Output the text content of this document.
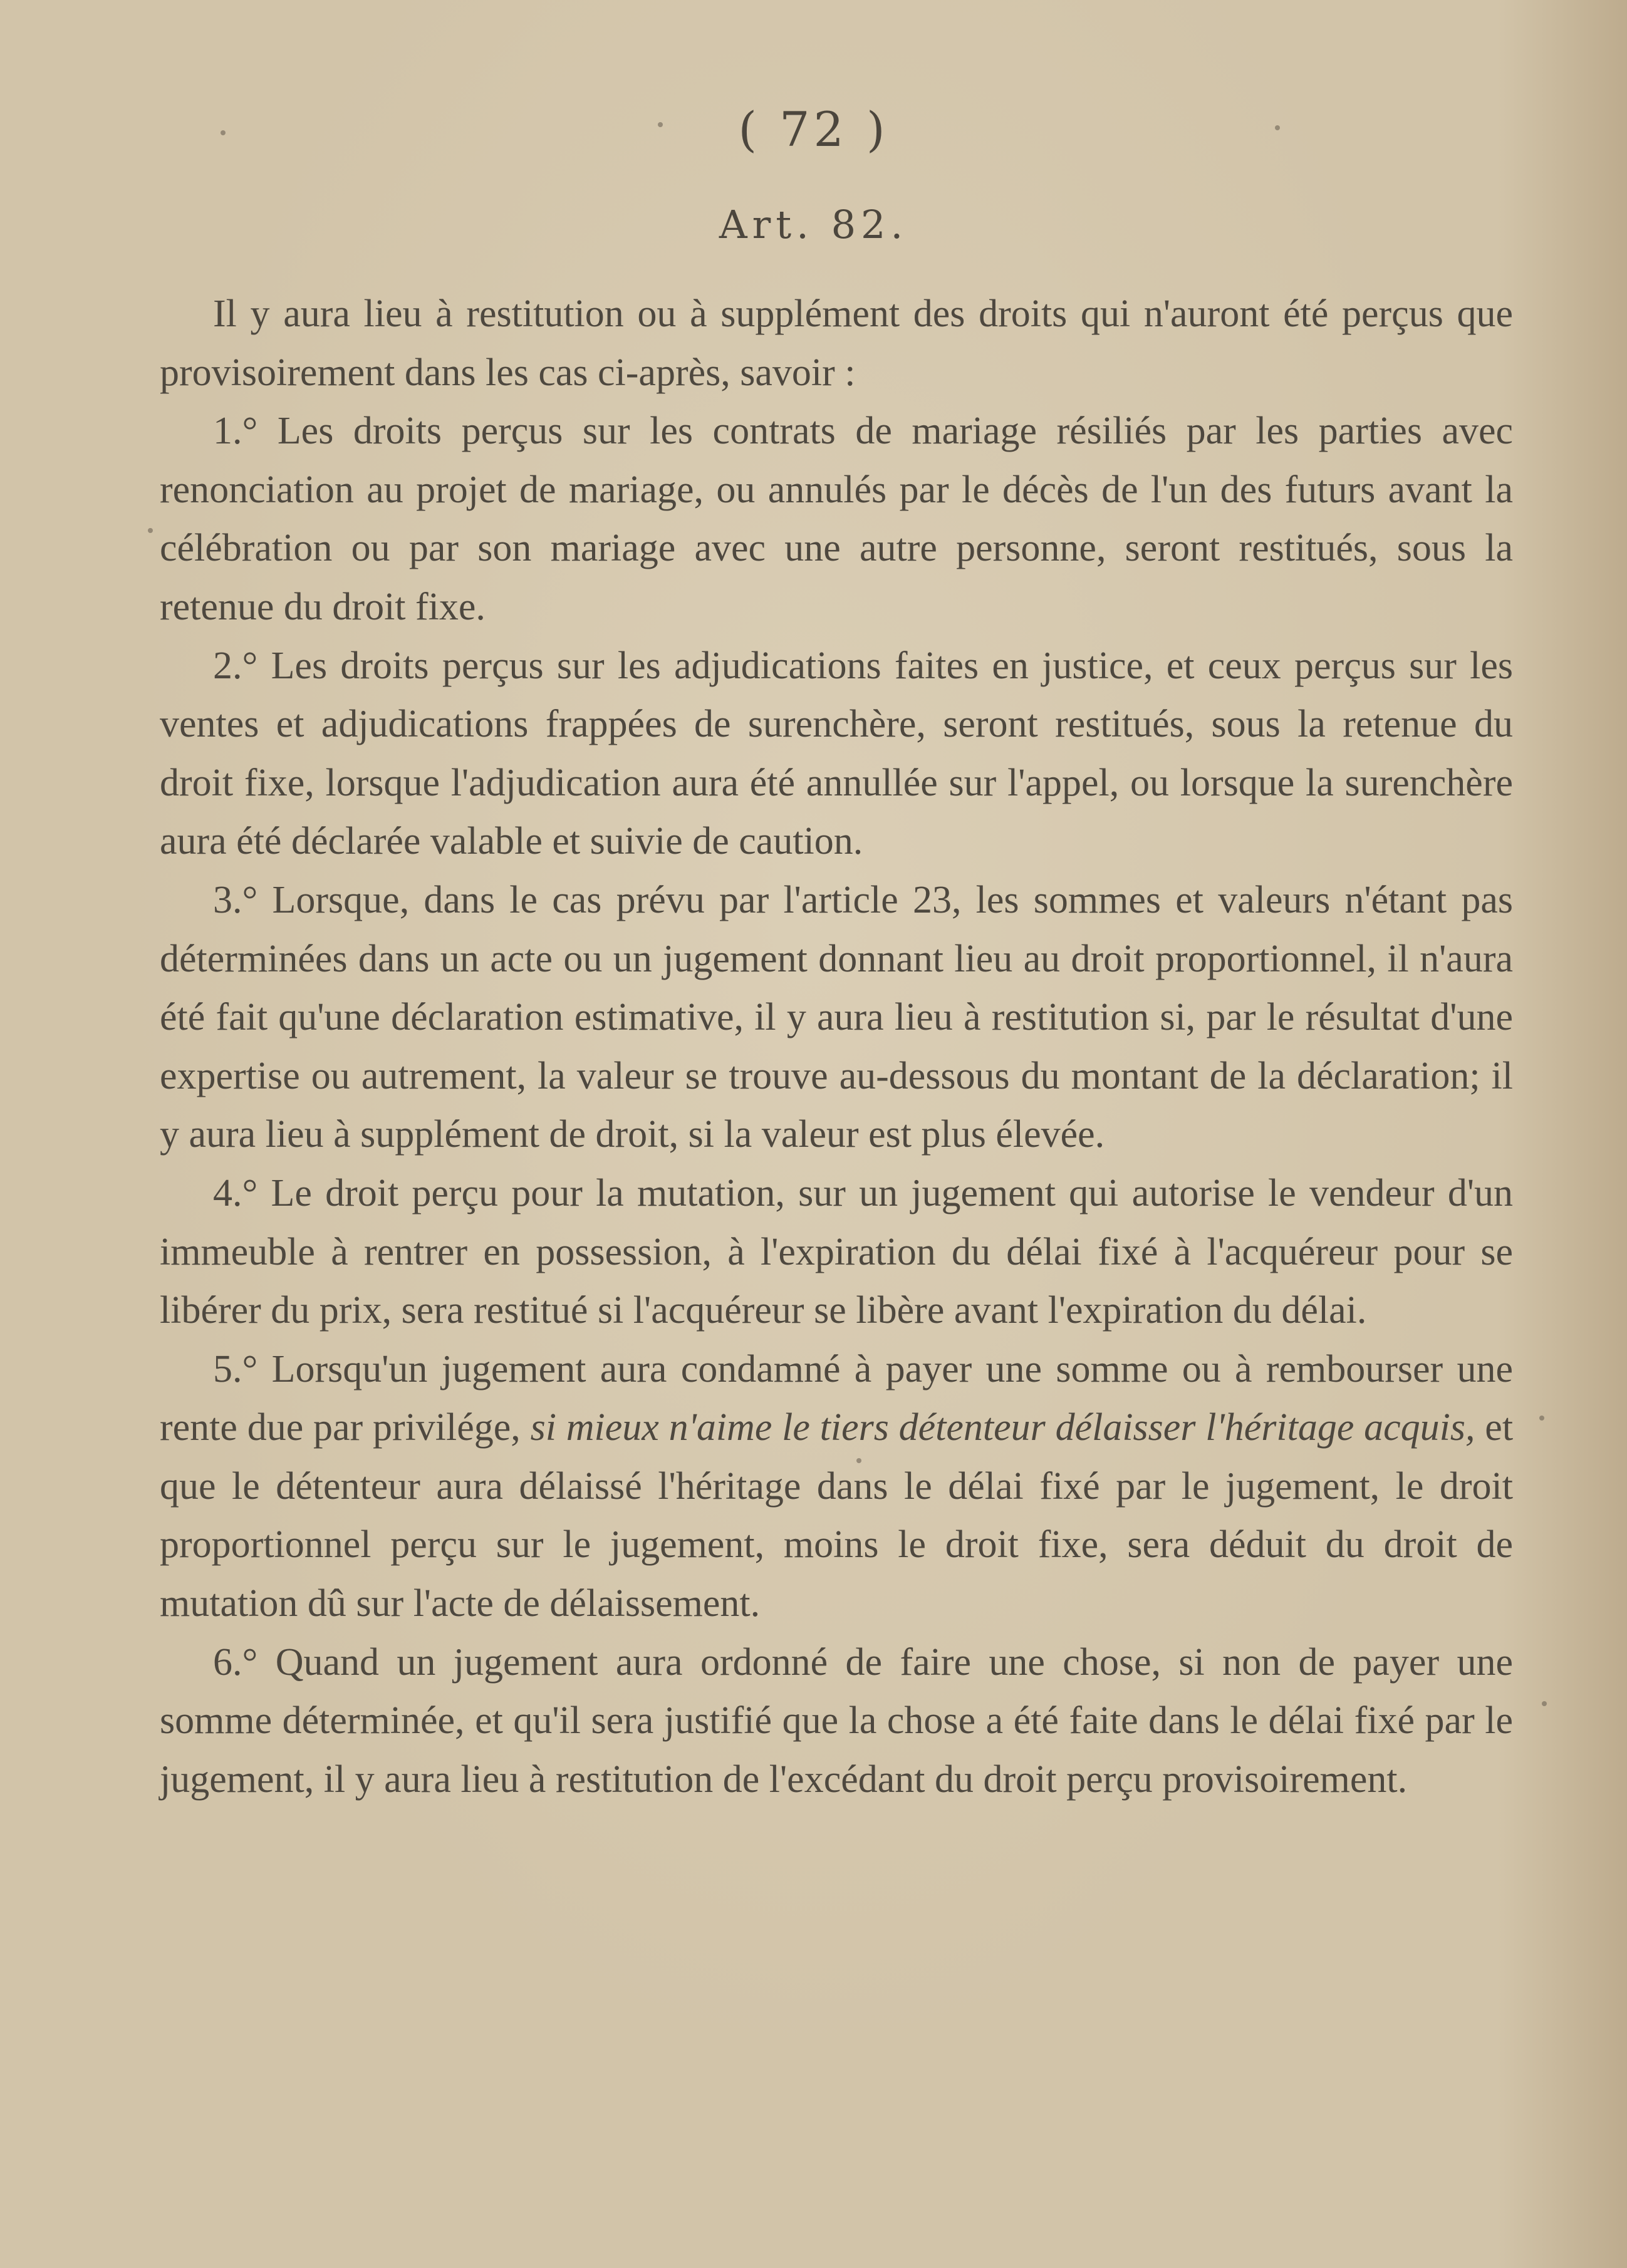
( 72 )
Art. 82.

Il y aura lieu à restitution ou à supplément des droits qui n'auront été perçus que provisoirement dans les cas ci-après, savoir :

1.° Les droits perçus sur les contrats de mariage résiliés par les parties avec renonciation au projet de mariage, ou annulés par le décès de l'un des futurs avant la célébration ou par son mariage avec une autre personne, seront restitués, sous la retenue du droit fixe.

2.° Les droits perçus sur les adjudications faites en justice, et ceux perçus sur les ventes et adjudications frappées de surenchère, seront restitués, sous la retenue du droit fixe, lorsque l'adjudication aura été annullée sur l'appel, ou lorsque la surenchère aura été déclarée valable et suivie de caution.

3.° Lorsque, dans le cas prévu par l'article 23, les sommes et valeurs n'étant pas déterminées dans un acte ou un jugement donnant lieu au droit proportionnel, il n'aura été fait qu'une déclaration estimative, il y aura lieu à restitution si, par le résultat d'une expertise ou autrement, la valeur se trouve au-dessous du montant de la déclaration; il y aura lieu à supplément de droit, si la valeur est plus élevée.

4.° Le droit perçu pour la mutation, sur un jugement qui autorise le vendeur d'un immeuble à rentrer en possession, à l'expiration du délai fixé à l'acquéreur pour se libérer du prix, sera restitué si l'acquéreur se libère avant l'expiration du délai.

5.° Lorsqu'un jugement aura condamné à payer une somme ou à rembourser une rente due par privilége, si mieux n'aime le tiers détenteur délaisser l'héritage acquis, et que le détenteur aura délaissé l'héritage dans le délai fixé par le jugement, le droit proportionnel perçu sur le jugement, moins le droit fixe, sera déduit du droit de mutation dû sur l'acte de délaissement.

6.° Quand un jugement aura ordonné de faire une chose, si non de payer une somme déterminée, et qu'il sera justifié que la chose a été faite dans le délai fixé par le jugement, il y aura lieu à restitution de l'excédant du droit perçu provisoirement.
